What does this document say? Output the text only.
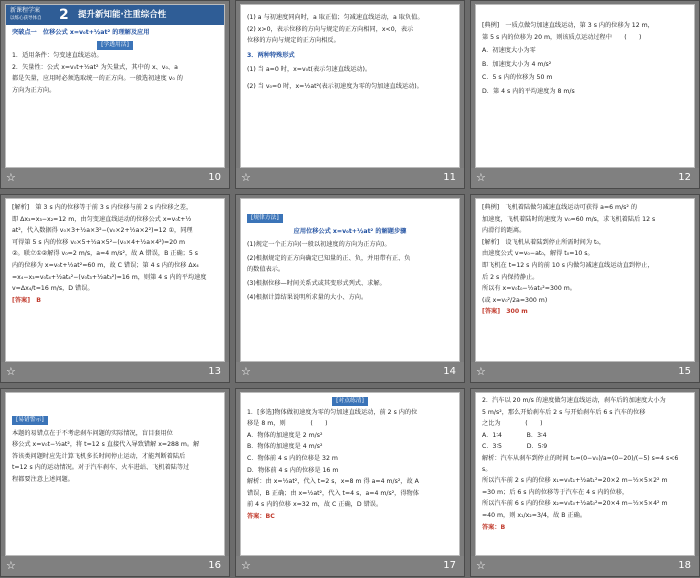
新课程学案
以练心获导体自 2 提升新知能·注重综合性

突破点一　位移公式 x=v₀t+½at² 的理解及应用

[学透用活]

1．适用条件：匀变速直线运动。

2．矢量性：公式 x=v₀t+½at² 为矢量式，其中的 x、v₀、a

都是矢量，应用时必须选取统一的正方向。一般选初速度 v₀ 的

方向为正方向。

☆	10

(1) a 与初速度同向时，a 取正值；匀减速直线运动，a 取负值。

(2) x>0，表示位移的方向与规定的正方向相同，x<0，表示

位移的方向与规定的正方向相反。

3．两种特殊形式

(1) 当 a=0 时，x=v₀t(表示匀速直线运动)。

(2) 当 v₀=0 时，x=½at²(表示初速度为零的匀加速直线运动)。

☆	11

[典例]　一质点做匀加速直线运动，第 3 s 内的位移为 12 m，

第 5 s 内的位移为 20 m，则该质点运动过程中　　(　　)

A．初速度大小为零

B．加速度大小为 4 m/s²

C．5 s 内的位移为 50 m

D．第 4 s 内的平均速度为 8 m/s

☆	12

[解析]　第 3 s 内的位移等于前 3 s 内位移与前 2 s 内位移之差，

即 Δx₃=x₃−x₂=12 m，由匀变速直线运动的位移公式 x=v₀t+½

at²，代入数据得 v₀×3+½a×3²−(v₀×2+½a×2²)=12 ①，同理

可得第 5 s 内的位移 v₀×5+½a×5²−(v₀×4+½a×4²)=20 m

②。联立①②解得 v₀=2 m/s，a=4 m/s²，故 A 错误，B 正确；5 s

内的位移为 x=v₀t+½at²=60 m，故 C 错误；第 4 s 内的位移 Δx₄

=x₄−x₃=v₀t₄+½at₄²−(v₀t₃+½at₃²)=16 m，则第 4 s 内的平均速度

v=Δx₄/t=16 m/s，D 错误。

[答案]　B

☆	13

[规律方法]

应用位移公式 x=v₀t+½at² 的解题步骤

(1)规定一个正方向(一般以初速度的方向为正方向)。

(2)根据规定的正方向确定已知量的正、负，并用带有正、负

的数值表示。

(3)根据位移—时间关系式或其变形式列式、求解。

(4)根据计算结果说明所求量的大小、方向。

☆	14

[典例]　飞机着陆做匀减速直线运动可获得 a=6 m/s² 的

加速度，飞机着陆时的速度为 v₀=60 m/s，求飞机着陆后 12 s

内滑行的距离。

[解析]　设飞机从着陆到停止所需时间为 t₀，

由速度公式 v=v₀−at₀，解得 t₀=10 s。

即飞机在 t=12 s 内的前 10 s 内做匀减速直线运动直到停止，

后 2 s 内保持静止。

所以有 x=v₀t₀−½at₀²=300 m。

(或 x=v₀²/2a=300 m)

[答案]　300 m

☆	15

[易错警示]

本题的易错点在于不考虑刹车问题的实际情况，盲目套用位

移公式 x=v₀t−½at²，将 t=12 s 直接代入导致错解 x=288 m。解

答该类问题时应先计算飞机多长时间停止运动，才能判断着陆后

t=12 s 内的运动情况。对于汽车刹车、火车进站、飞机着陆等过

程都要注意上述问题。

☆	16

[对点练清]

1．[多选]物体做初速度为零的匀加速直线运动，前 2 s 内的位

移是 8 m，则　　　　(　　)

A．物体的加速度是 2 m/s²

B．物体的加速度是 4 m/s²

C．物体前 4 s 内的位移是 32 m

D．物体前 4 s 内的位移是 16 m

解析：由 x=½at²，代入 t=2 s，x=8 m 得 a=4 m/s²，故 A

错误，B 正确；由 x=½at²，代入 t=4 s，a=4 m/s²，得物体

前 4 s 内的位移 x=32 m，故 C 正确，D 错误。

答案：BC

☆	17

2．汽车以 20 m/s 的速度做匀速直线运动，刹车后的加速度大小为

5 m/s²，那么开始刹车后 2 s 与开始刹车后 6 s 汽车的位移

之比为　　　　(　　)

A．1∶4　　　　B．3∶4

C．3∶5　　　　D．5∶9

解析：汽车从刹车到停止的时间 t₀=(0−v₀)/a=(0−20)/(−5) s=4 s<6 s。

所以汽车前 2 s 内的位移 x₁=v₀t₁+½at₁²=20×2 m−½×5×2² m

=30 m；后 6 s 内的位移等于汽车在 4 s 内的位移，

所以汽车前 6 s 内的位移 x₂=v₀t₀+½at₀²=20×4 m−½×5×4² m

=40 m，则 x₁/x₂=3/4，故 B 正确。

答案：B

☆	18
